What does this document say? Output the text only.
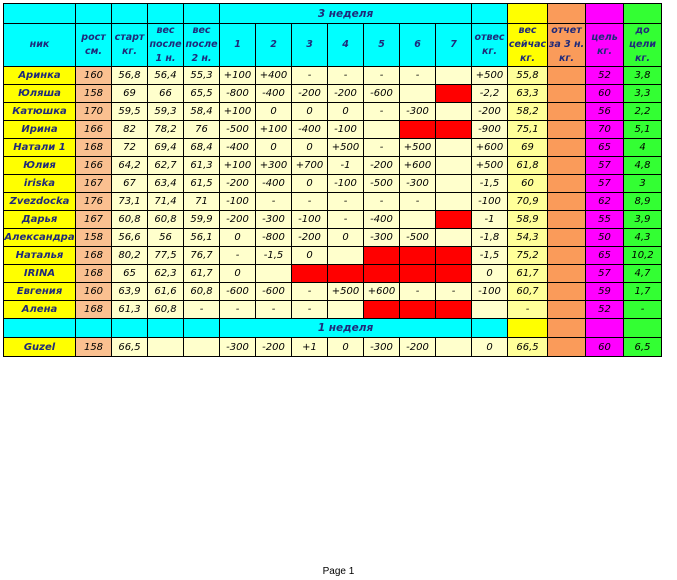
					3 неделя											
ник	рост см.	старт кг.	вес после 1 н.	вес после 2 н.	1	2	3	4	5	6	7	отвес кг.	вес сейчас кг.	отчет за 3 н. кг.	цель кг.	до цели кг.
Аринка	160	56,8	56,4	55,3	+100	+400	-	-	-	-		+500	55,8		52	3,8
Юляша	158	69	66	65,5	-800	-400	-200	-200	-600			-2,2	63,3		60	3,3
Катюшка	170	59,5	59,3	58,4	+100	0	0	0	-	-300		-200	58,2		56	2,2
Ирина	166	82	78,2	76	-500	+100	-400	-100				-900	75,1		70	5,1
Натали 1	168	72	69,4	68,4	-400	0	0	+500	-	+500		+600	69		65	4
Юлия	166	64,2	62,7	61,3	+100	+300	+700	-1	-200	+600		+500	61,8		57	4,8
iriska	167	67	63,4	61,5	-200	-400	0	-100	-500	-300		-1,5	60		57	3
Zvezdocka	176	73,1	71,4	71	-100	-	-	-	-	-		-100	70,9		62	8,9
Дарья	167	60,8	60,8	59,9	-200	-300	-100	-	-400			-1	58,9		55	3,9
Александра	158	56,6	56	56,1	0	-800	-200	0	-300	-500		-1,8	54,3		50	4,3
Наталья	168	80,2	77,5	76,7	-	-1,5	0					-1,5	75,2		65	10,2
IRINA	168	65	62,3	61,7	0							0	61,7		57	4,7
Евгения	160	63,9	61,6	60,8	-600	-600	-	+500	+600	-	-	-100	60,7		59	1,7
Алена	168	61,3	60,8	-	-	-	-						-		52	-
					1 неделя											
Guzel	158	66,5			-300	-200	+1	0	-300	-200		0	66,5		60	6,5
Page 1
